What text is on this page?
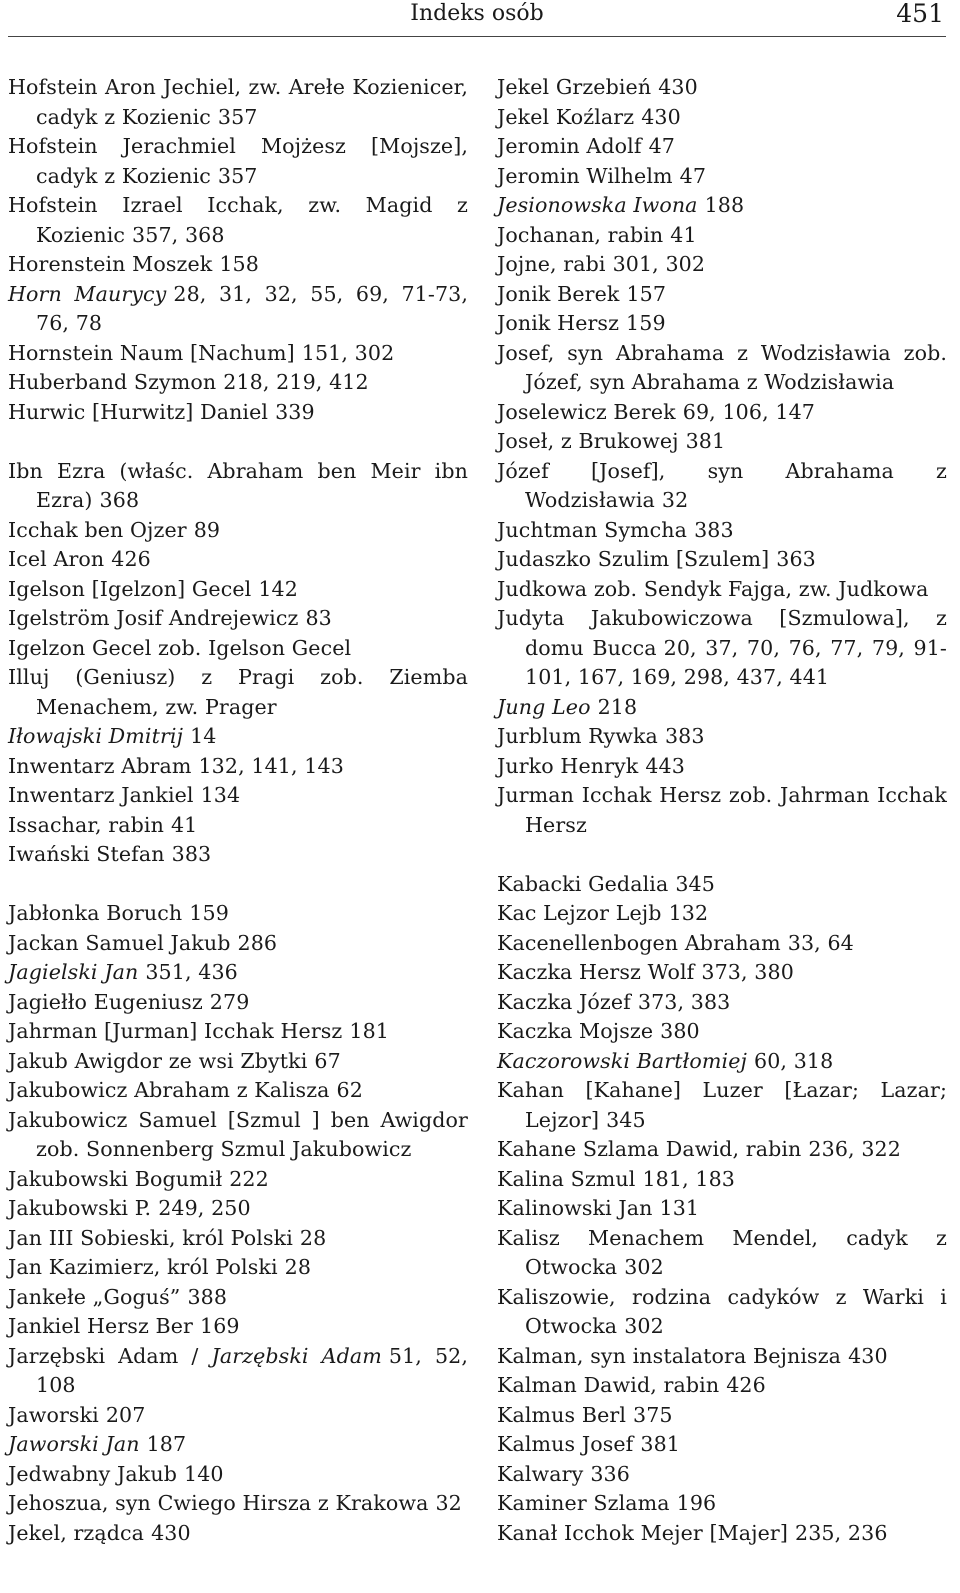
Indeks osób	451
Hofstein Aron Jechiel, zw. Arełe Kozienicer, cadyk z Kozienic 357
Hofstein Jerachmiel Mojżesz [Mojsze], cadyk z Kozienic 357
Hofstein Izrael Icchak, zw. Magid z Kozienic 357, 368
Horenstein Moszek 158
Horn Maurycy 28, 31, 32, 55, 69, 71-73, 76, 78
Hornstein Naum [Nachum] 151, 302
Huberband Szymon 218, 219, 412
Hurwic [Hurwitz] Daniel 339
Ibn Ezra (właśc. Abraham ben Meir ibn Ezra) 368
Icchak ben Ojzer 89
Icel Aron 426
Igelson [Igelzon] Gecel 142
Igelström Josif Andrejewicz 83
Igelzon Gecel zob. Igelson Gecel
Illuj (Geniusz) z Pragi zob. Ziemba Menachem, zw. Prager
Iłowajski Dmitrij 14
Inwentarz Abram 132, 141, 143
Inwentarz Jankiel 134
Issachar, rabin 41
Iwański Stefan 383
Jabłonka Boruch 159
Jackan Samuel Jakub 286
Jagielski Jan 351, 436
Jagiełło Eugeniusz 279
Jahrman [Jurman] Icchak Hersz 181
Jakub Awigdor ze wsi Zbytki 67
Jakubowicz Abraham z Kalisza 62
Jakubowicz Samuel [Szmul ] ben Awigdor zob. Sonnenberg Szmul Jakubowicz
Jakubowski Bogumił 222
Jakubowski P. 249, 250
Jan III Sobieski, król Polski 28
Jan Kazimierz, król Polski 28
Jankełe „Goguś” 388
Jankiel Hersz Ber 169
Jarzębski Adam / Jarzębski Adam 51, 52, 108
Jaworski 207
Jaworski Jan 187
Jedwabny Jakub 140
Jehoszua, syn Cwiego Hirsza z Krakowa 32
Jekel, rządca 430
Jekel Grzebień 430
Jekel Koźlarz 430
Jeromin Adolf 47
Jeromin Wilhelm 47
Jesionowska Iwona 188
Jochanan, rabin 41
Jojne, rabi 301, 302
Jonik Berek 157
Jonik Hersz 159
Josef, syn Abrahama z Wodzisławia zob. Józef, syn Abrahama z Wodzisławia
Joselewicz Berek 69, 106, 147
Joseł, z Brukowej 381
Józef [Josef], syn Abrahama z Wodzisławia 32
Juchtman Symcha 383
Judaszko Szulim [Szulem] 363
Judkowa zob. Sendyk Fajga, zw. Judkowa
Judyta Jakubowiczowa [Szmulowa], z domu Bucca 20, 37, 70, 76, 77, 79, 91-101, 167, 169, 298, 437, 441
Jung Leo 218
Jurblum Rywka 383
Jurko Henryk 443
Jurman Icchak Hersz zob. Jahrman Icchak Hersz
Kabacki Gedalia 345
Kac Lejzor Lejb 132
Kacenellenbogen Abraham 33, 64
Kaczka Hersz Wolf 373, 380
Kaczka Józef 373, 383
Kaczka Mojsze 380
Kaczorowski Bartłomiej 60, 318
Kahan [Kahane] Luzer [Łazar; Lazar; Lejzor] 345
Kahane Szlama Dawid, rabin 236, 322
Kalina Szmul 181, 183
Kalinowski Jan 131
Kalisz Menachem Mendel, cadyk z Otwocka 302
Kaliszowie, rodzina cadyków z Warki i Otwocka 302
Kalman, syn instalatora Bejnisza 430
Kalman Dawid, rabin 426
Kalmus Berl 375
Kalmus Josef 381
Kalwary 336
Kaminer Szlama 196
Kanał Icchok Mejer [Majer] 235, 236
